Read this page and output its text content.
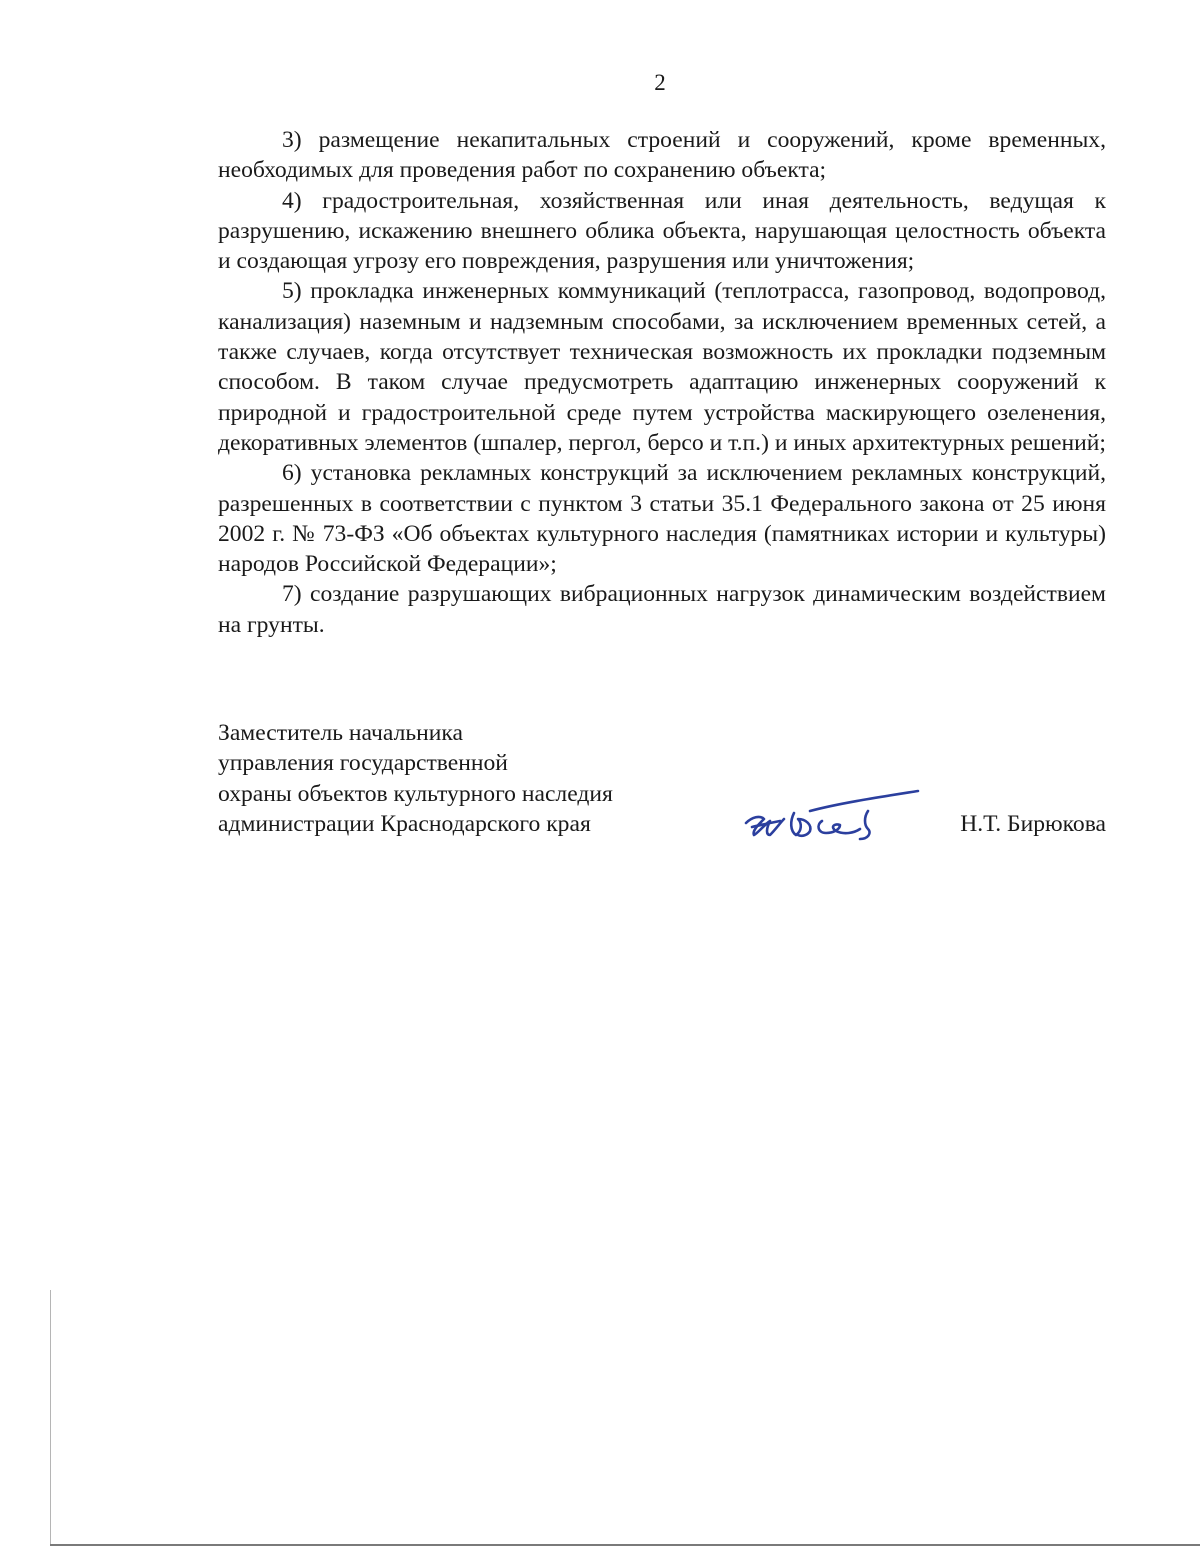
2

3) размещение некапитальных строений и сооружений, кроме временных, необходимых для проведения работ по сохранению объекта;

4) градостроительная, хозяйственная или иная деятельность, ведущая к разрушению, искажению внешнего облика объекта, нарушающая целостность объекта и создающая угрозу его повреждения, разрушения или уничтожения;

5) прокладка инженерных коммуникаций (теплотрасса, газопровод, водопровод, канализация) наземным и надземным способами, за исключением временных сетей, а также случаев, когда отсутствует техническая возможность их прокладки подземным способом. В таком случае предусмотреть адаптацию инженерных сооружений к природной и градостроительной среде путем устройства маскирующего озеленения, декоративных элементов (шпалер, пергол, берсо и т.п.) и иных архитектурных решений;

6) установка рекламных конструкций за исключением рекламных конструкций, разрешенных в соответствии с пунктом 3 статьи 35.1 Федерального закона от 25 июня 2002 г. № 73-ФЗ «Об объектах культурного наследия (памятниках истории и культуры) народов Российской Федерации»;

7) создание разрушающих вибрационных нагрузок динамическим воздействием на грунты.

Заместитель начальника
управления государственной
охраны объектов культурного наследия
администрации Краснодарского края	Н.Т. Бирюкова
